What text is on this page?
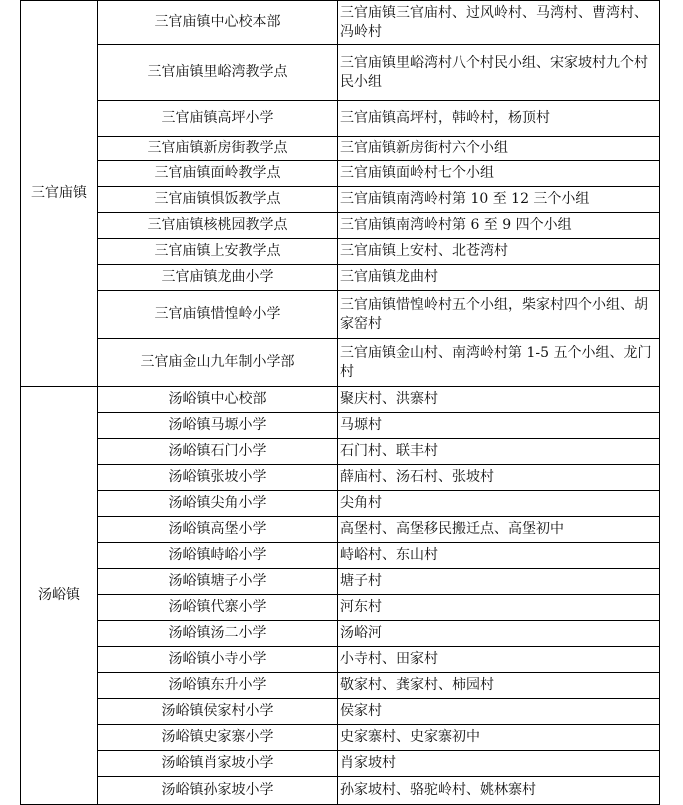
三官庙镇	三官庙镇中心校本部	三官庙镇三官庙村、过风岭村、马湾村、曹湾村、冯岭村
	三官庙镇里峪湾教学点	三官庙镇里峪湾村八个村民小组、宋家坡村九个村民小组
	三官庙镇高坪小学	三官庙镇高坪村，韩岭村，杨顶村
	三官庙镇新房街教学点	三官庙镇新房街村六个小组
	三官庙镇面岭教学点	三官庙镇面岭村七个小组
	三官庙镇惧饭教学点	三官庙镇南湾岭村第 10 至 12 三个小组
	三官庙镇核桃园教学点	三官庙镇南湾岭村第 6 至 9 四个小组
	三官庙镇上安教学点	三官庙镇上安村、北苍湾村
	三官庙镇龙曲小学	三官庙镇龙曲村
	三官庙镇惜惶岭小学	三官庙镇惜惶岭村五个小组，柴家村四个小组、胡家窑村
	三官庙金山九年制小学部	三官庙镇金山村、南湾岭村第 1-5 五个小组、龙门村
汤峪镇	汤峪镇中心校部	聚庆村、洪寨村
	汤峪镇马塬小学	马塬村
	汤峪镇石门小学	石门村、联丰村
	汤峪镇张坡小学	薛庙村、汤石村、张坡村
	汤峪镇尖角小学	尖角村
	汤峪镇高堡小学	高堡村、高堡移民搬迁点、高堡初中
	汤峪镇峙峪小学	峙峪村、东山村
	汤峪镇塘子小学	塘子村
	汤峪镇代寨小学	河东村
	汤峪镇汤二小学	汤峪河
	汤峪镇小寺小学	小寺村、田家村
	汤峪镇东升小学	敬家村、龚家村、柿园村
	汤峪镇侯家村小学	侯家村
	汤峪镇史家寨小学	史家寨村、史家寨初中
	汤峪镇肖家坡小学	肖家坡村
	汤峪镇孙家坡小学	孙家坡村、骆驼岭村、姚林寨村
